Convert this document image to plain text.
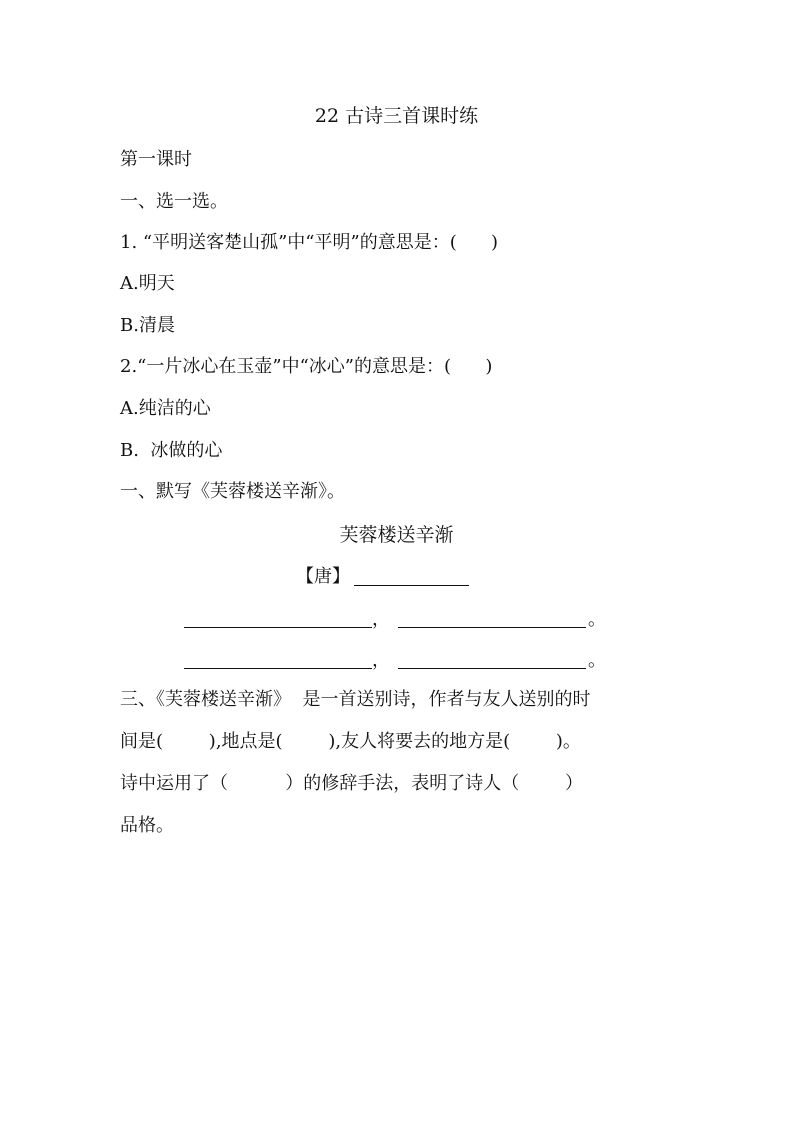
22 古诗三首课时练
第一课时
一、选一选。
1. “平明送客楚山孤”中“平明”的意思是：(      )
A.明天
B.清晨
2.“一片冰心在玉壶”中“冰心”的意思是：(      )
A.纯洁的心
B.  冰做的心
一、默写《芙蓉楼送辛渐》。
芙蓉楼送辛渐
【唐】
，	。
，	。
三、《芙蓉楼送辛渐》  是一首送别诗，作者与友人送别的时
间是(        ),地点是(        ),友人将要去的地方是(        )。
诗中运用了（          ）的修辞手法，表明了诗人（        ）
品格。
